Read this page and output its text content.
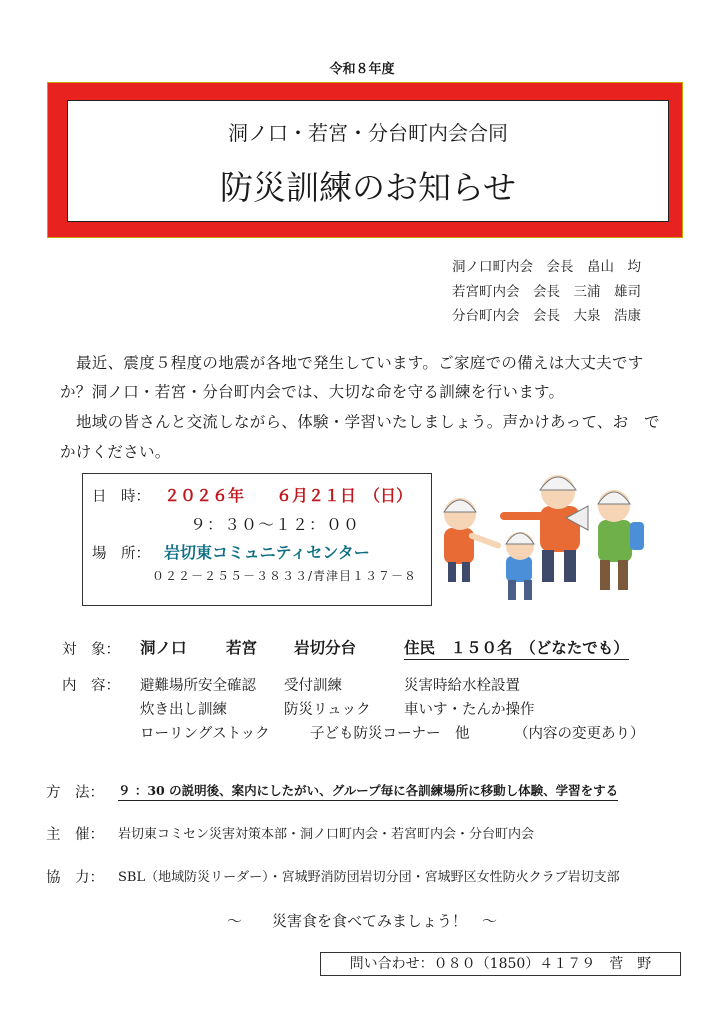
令和８年度
洞ノ口・若宮・分台町内会合同
防災訓練のお知らせ
洞ノ口町内会　会長　畠山　均
若宮町内会　会長　三浦　雄司
分台町内会　会長　大泉　浩康
最近、震度５程度の地震が各地で発生しています。ご家庭での備えは大丈夫です
か？洞ノ口・若宮・分台町内会では、大切な命を守る訓練を行います。
地域の皆さんと交流しながら、体験・学習いたしましょう。声かけあって、お で
かけください。
日　時： ２０２６年　　６月２１日　（日）
９：３０～１２：００
場　所： 岩切東コミュニティセンター
０２２－２５５－３８３３/青津目１３７－８
対　象： 洞ノ口	若宮 岩切分台	住民　１５０名　（どなたでも）
内　容： 避難場所安全確認 受付訓練	災害時給水栓設置
炊き出し訓練	防災リュック 車いす・たんか操作
ローリングストック	子ども防災コーナー　他	（内容の変更あり）
方　法： ９ ：30 の説明後、案内にしたがい、グループ毎に各訓練場所に移動し体験、学習をする
主　催： 岩切東コミセン災害対策本部・洞ノ口町内会・若宮町内会・分台町内会
協　力： SBL（地域防災リーダー）・宮城野消防団岩切分団・宮城野区女性防火クラブ岩切支部
～　　災害食を食べてみましょう！　～
問い合わせ：０８０（1850）４１７９　菅　野
